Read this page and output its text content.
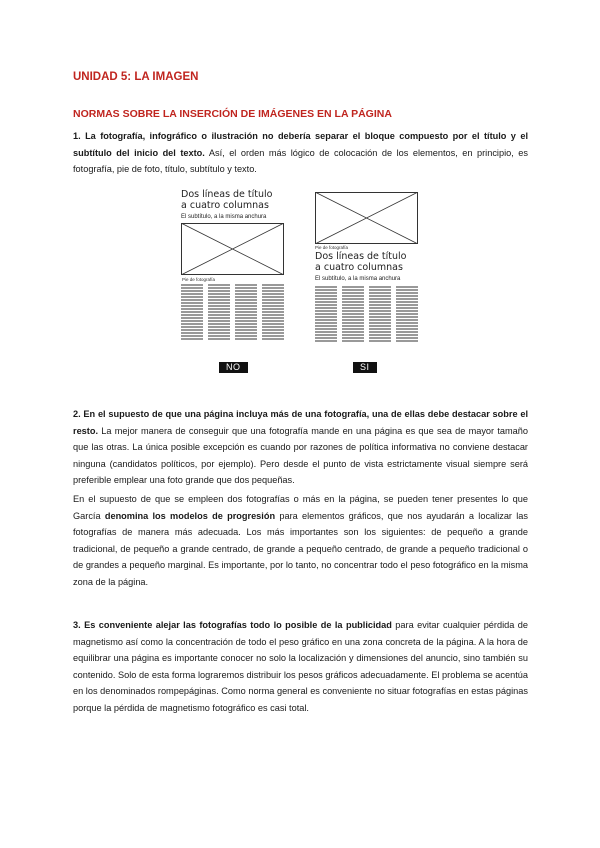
UNIDAD 5: LA IMAGEN
NORMAS SOBRE LA INSERCIÓN DE IMÁGENES EN LA PÁGINA

1. La fotografía, infográfico o ilustración no debería separar el bloque compuesto por el título y el subtítulo del inicio del texto. Así, el orden más lógico de colocación de los elementos, en principio, es fotografía, pie de foto, título, subtítulo y texto.

2. En el supuesto de que una página incluya más de una fotografía, una de ellas debe destacar sobre el resto. La mejor manera de conseguir que una fotografía mande en una página es que sea de mayor tamaño que las otras. La única posible excepción es cuando por razones de política informativa no conviene destacar ninguna (candidatos políticos, por ejemplo). Pero desde el punto de vista estrictamente visual siempre será preferible emplear una foto grande que dos pequeñas.

En el supuesto de que se empleen dos fotografías o más en la página, se pueden tener presentes lo que García denomina los modelos de progresión para elementos gráficos, que nos ayudarán a localizar las fotografías de manera más adecuada. Los más importantes son los siguientes: de pequeño a grande tradicional, de pequeño a grande centrado, de grande a pequeño centrado, de grande a pequeño tradicional o de grandes a pequeño marginal. Es importante, por lo tanto, no concentrar todo el peso fotográfico en la misma zona de la página.

3. Es conveniente alejar las fotografías todo lo posible de la publicidad para evitar cualquier pérdida de magnetismo así como la concentración de todo el peso gráfico en una zona concreta de la página. A la hora de equilibrar una página es importante conocer no solo la localización y dimensiones del anuncio, sino también su contenido. Solo de esta forma lograremos distribuir los pesos gráficos adecuadamente. El problema se acentúa en los denominados rompepáginas. Como norma general es conveniente no situar fotografías en estas páginas porque la pérdida de magnetismo fotográfico es casi total.

Dos líneas de título
a cuatro columnas
El subtítulo, a la misma anchura
Pie de fotografía
NO
Pie de fotografía
Dos líneas de título
a cuatro columnas
El subtítulo, a la misma anchura
SI
